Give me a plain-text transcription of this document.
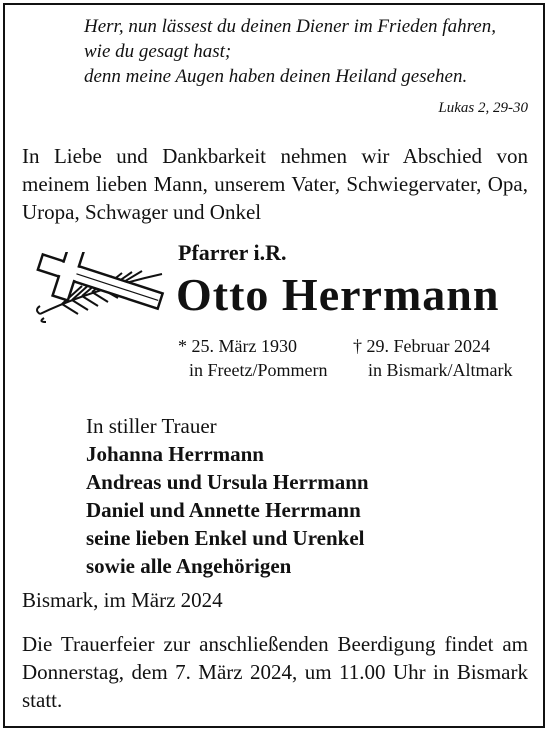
Herr, nun lässest du deinen Diener im Frieden fahren,
wie du gesagt hast;
denn meine Augen haben deinen Heiland gesehen.
Lukas 2, 29-30
In Liebe und Dankbarkeit nehmen wir Abschied von meinem lieben Mann, unserem Vater, Schwiegervater, Opa, Uropa, Schwager und Onkel
Pfarrer i.R.
Otto Herrmann
* 25. März 1930
in Freetz/Pommern
† 29. Februar 2024
in Bismark/Altmark
In stiller Trauer
Johanna Herrmann
Andreas und Ursula Herrmann
Daniel und Annette Herrmann
seine lieben Enkel und Urenkel
sowie alle Angehörigen
Bismark, im März 2024
Die Trauerfeier zur anschließenden Beerdigung findet am Donnerstag, dem 7. März 2024, um 11.00 Uhr in Bismark statt.
